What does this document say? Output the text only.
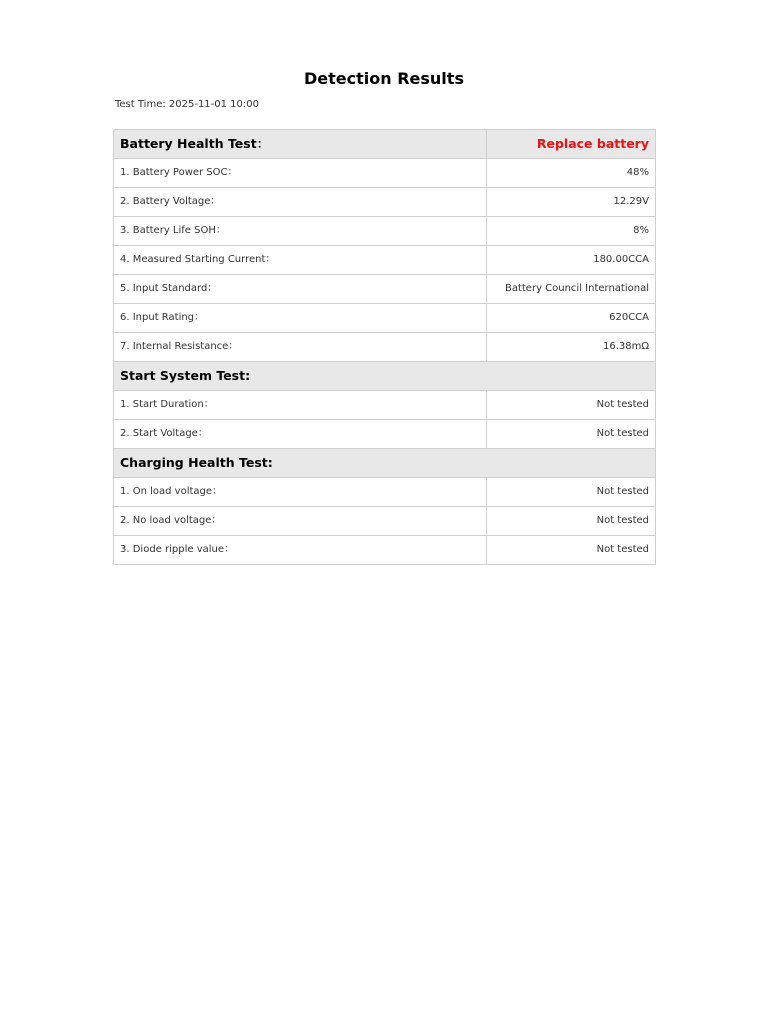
Detection Results
Test Time: 2025-11-01 10:00
Battery Health Test：	Replace battery
1. Battery Power SOC：	48%
2. Battery Voltage：	12.29V
3. Battery Life SOH：	8%
4. Measured Starting Current：	180.00CCA
5. Input Standard：	Battery Council International
6. Input Rating：	620CCA
7. Internal Resistance：	16.38mΩ
Start System Test:	
1. Start Duration：	Not tested
2. Start Voltage：	Not tested
Charging Health Test:	
1. On load voltage：	Not tested
2. No load voltage：	Not tested
3. Diode ripple value：	Not tested
